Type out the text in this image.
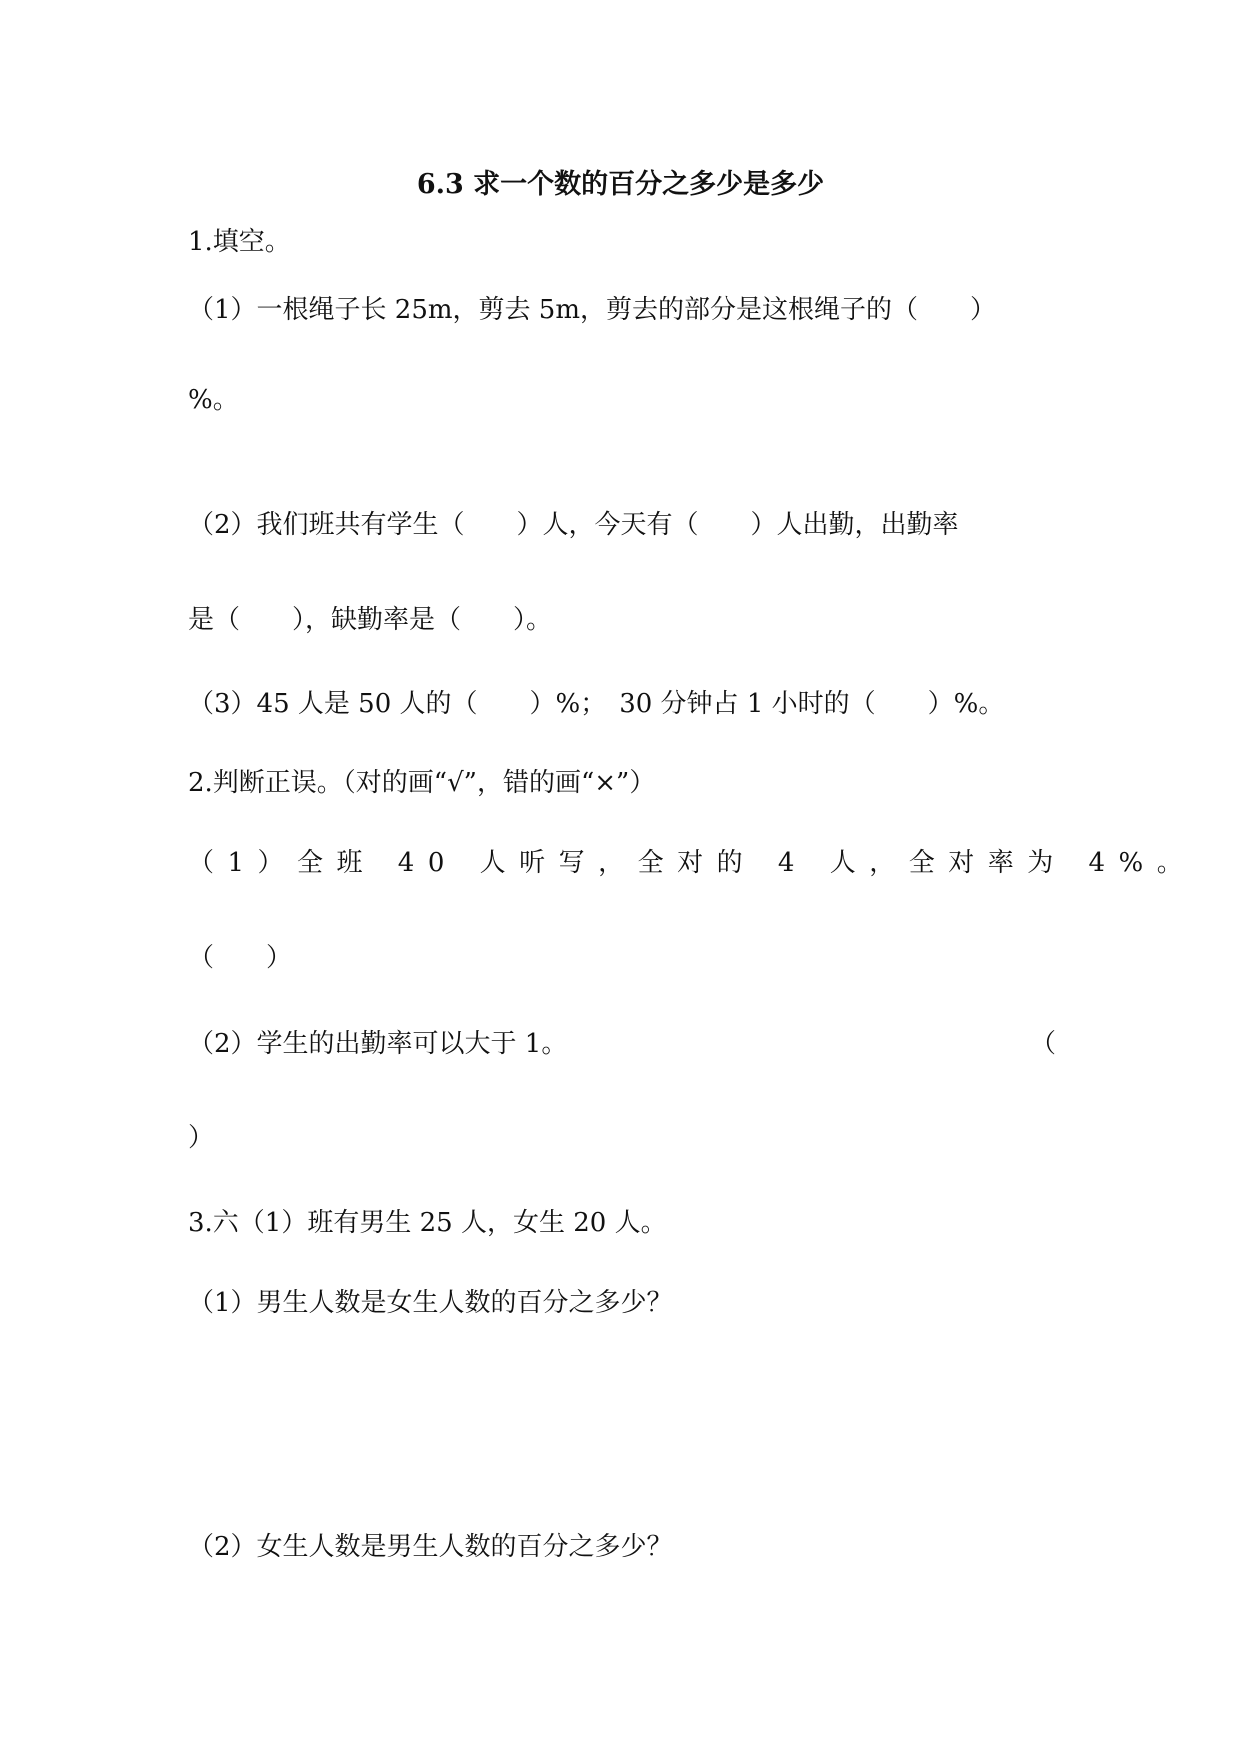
6.3 求一个数的百分之多少是多少

1.填空。

（1）一根绳子长 25m，剪去 5m，剪去的部分是这根绳子的（　　）

%。

（2）我们班共有学生（　　）人，今天有（　　）人出勤，出勤率

是（　　），缺勤率是（　　）。

（3）45 人是 50 人的（　　）%；　30 分钟占 1 小时的（　　）%。

2.判断正误。（对的画“√”，错的画“×”）

（1）全班 40 人听写，全对的 4 人，全对率为 4%。

（　　）

（2）学生的出勤率可以大于 1。	（

）

3.六（1）班有男生 25 人，女生 20 人。

（1）男生人数是女生人数的百分之多少？

（2）女生人数是男生人数的百分之多少？
